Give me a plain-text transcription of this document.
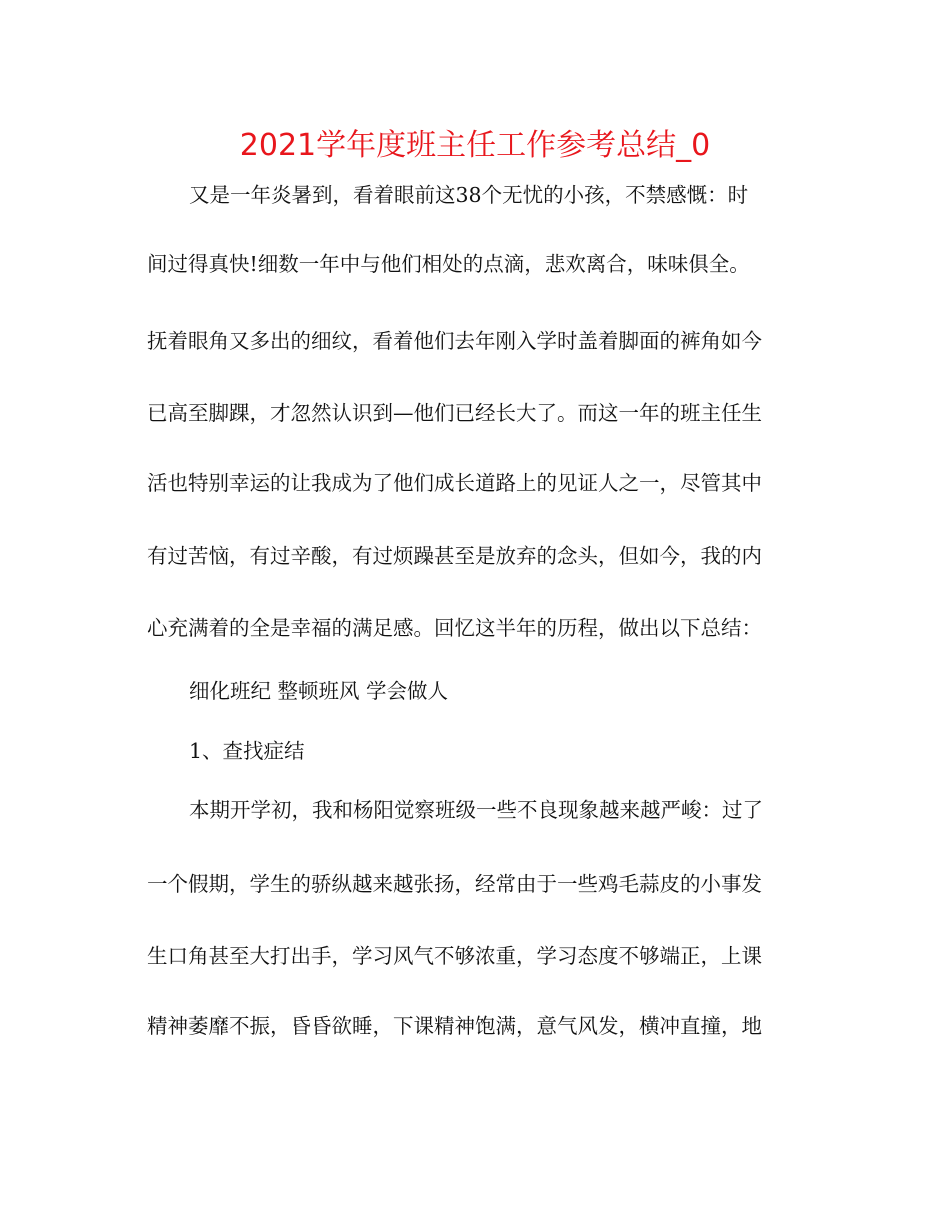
2021学年度班主任工作参考总结_0
又是一年炎暑到，看着眼前这38个无忧的小孩，不禁感慨：时
间过得真快!细数一年中与他们相处的点滴，悲欢离合，味味俱全。
抚着眼角又多出的细纹，看着他们去年刚入学时盖着脚面的裤角如今
已高至脚踝，才忽然认识到—他们已经长大了。而这一年的班主任生
活也特别幸运的让我成为了他们成长道路上的见证人之一，尽管其中
有过苦恼，有过辛酸，有过烦躁甚至是放弃的念头，但如今，我的内
心充满着的全是幸福的满足感。回忆这半年的历程，做出以下总结：
细化班纪 整顿班风 学会做人
1、查找症结
本期开学初，我和杨阳觉察班级一些不良现象越来越严峻：过了
一个假期，学生的骄纵越来越张扬，经常由于一些鸡毛蒜皮的小事发
生口角甚至大打出手，学习风气不够浓重，学习态度不够端正，上课
精神萎靡不振，昏昏欲睡，下课精神饱满，意气风发，横冲直撞，地
